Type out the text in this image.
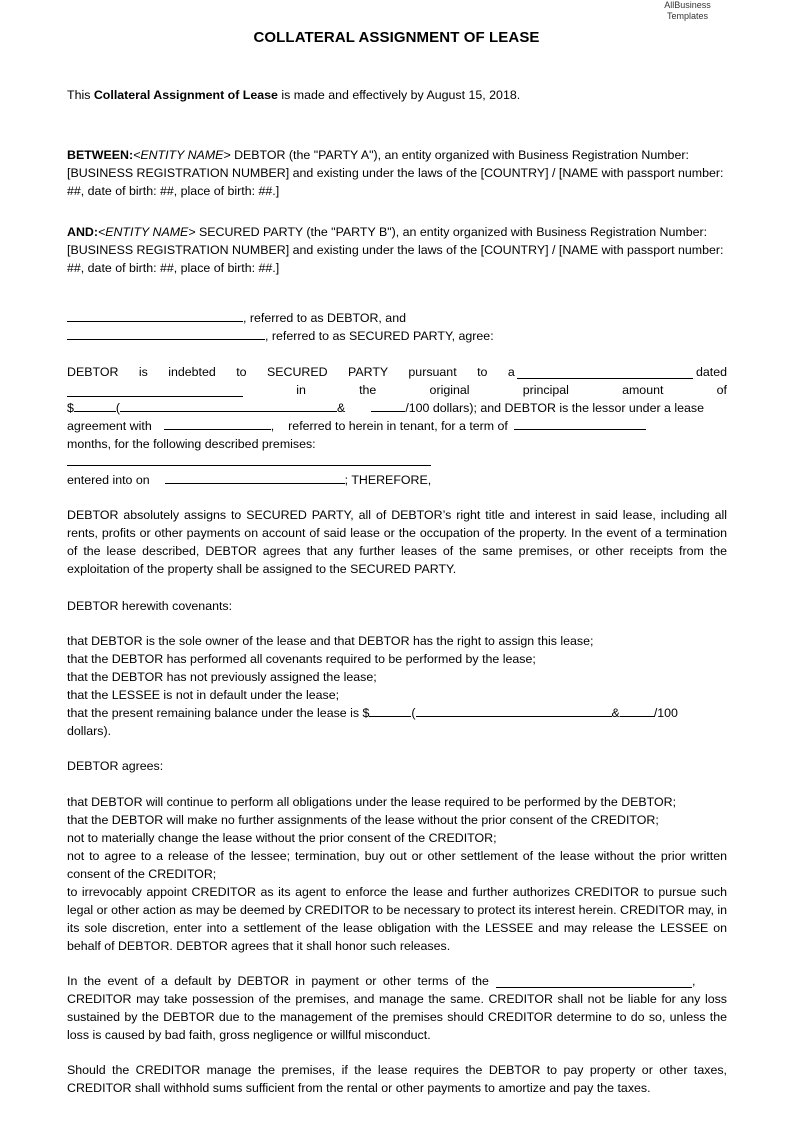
AllBusiness
Templates
COLLATERAL ASSIGNMENT OF LEASE
This Collateral Assignment of Lease is made and effectively by August 15, 2018.
BETWEEN:<ENTITY NAME> DEBTOR (the "PARTY A"), an entity organized with Business Registration Number: [BUSINESS REGISTRATION NUMBER] and existing under the laws of the [COUNTRY] / [NAME with passport number: ##, date of birth: ##, place of birth: ##.]
AND:<ENTITY NAME> SECURED PARTY (the "PARTY B"), an entity organized with Business Registration Number: [BUSINESS REGISTRATION NUMBER] and existing under the laws of the [COUNTRY] / [NAME with passport number: ##, date of birth: ##, place of birth: ##.]
, referred to as DEBTOR, and
, referred to as SECURED PARTY, agree:
DEBTOR is indebted to SECURED PARTY pursuant to a	dated
in	the	original	principal	amount	of
$	(	&	/100 dollars); and DEBTOR is the lessor under a lease
agreement with	, referred to herein in tenant, for a term of
months, for the following described premises:
entered into on	; THEREFORE,
DEBTOR absolutely assigns to SECURED PARTY, all of DEBTOR’s right title and interest in said lease, including all rents, profits or other payments on account of said lease or the occupation of the property. In the event of a termination of the lease described, DEBTOR agrees that any further leases of the same premises, or other receipts from the exploitation of the property shall be assigned to the SECURED PARTY.
DEBTOR herewith covenants:
that DEBTOR is the sole owner of the lease and that DEBTOR has the right to assign this lease;
that the DEBTOR has performed all covenants required to be performed by the lease;
that the DEBTOR has not previously assigned the lease;
that the LESSEE is not in default under the lease;
that the present remaining balance under the lease is $	(	&	/100
dollars).
DEBTOR agrees:
that DEBTOR will continue to perform all obligations under the lease required to be performed by the DEBTOR;
that the DEBTOR will make no further assignments of the lease without the prior consent of the CREDITOR;
not to materially change the lease without the prior consent of the CREDITOR;
not to agree to a release of the lessee; termination, buy out or other settlement of the lease without the prior written consent of the CREDITOR;
to irrevocably appoint CREDITOR as its agent to enforce the lease and further authorizes CREDITOR to pursue such legal or other action as may be deemed by CREDITOR to be necessary to protect its interest herein. CREDITOR may, in its sole discretion, enter into a settlement of the lease obligation with the LESSEE and may release the LESSEE on behalf of DEBTOR. DEBTOR agrees that it shall honor such releases.
In the event of a default by DEBTOR in payment or other terms of the	,
CREDITOR may take possession of the premises, and manage the same. CREDITOR shall not be liable for any loss sustained by the DEBTOR due to the management of the premises should CREDITOR determine to do so, unless the loss is caused by bad faith, gross negligence or willful misconduct.
Should the CREDITOR manage the premises, if the lease requires the DEBTOR to pay property or other taxes, CREDITOR shall withhold sums sufficient from the rental or other payments to amortize and pay the taxes.
